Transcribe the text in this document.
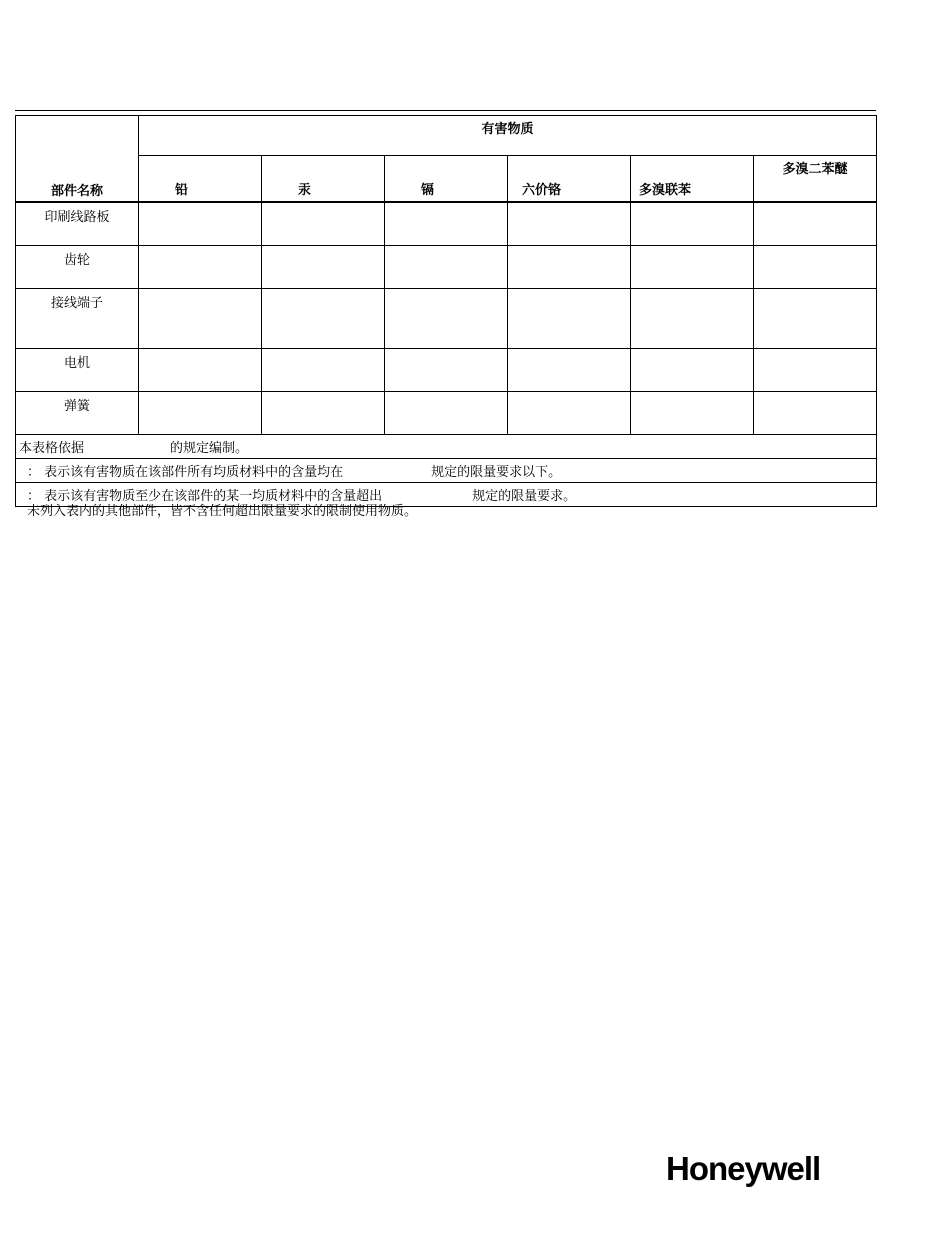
部件名称	有害物质					
	铅	汞	镉	六价铬	多溴联苯	多溴二苯醚
印刷线路板						
齿轮						
接线端子						
电机						
弹簧						
本表格依据 的规定编制。						
： 表示该有害物质在该部件所有均质材料中的含量均在 规定的限量要求以下。						
： 表示该有害物质至少在该部件的某一均质材料中的含量超出 规定的限量要求。						
未列入表内的其他部件，皆不含任何超出限量要求的限制使用物质。
Honeywell
